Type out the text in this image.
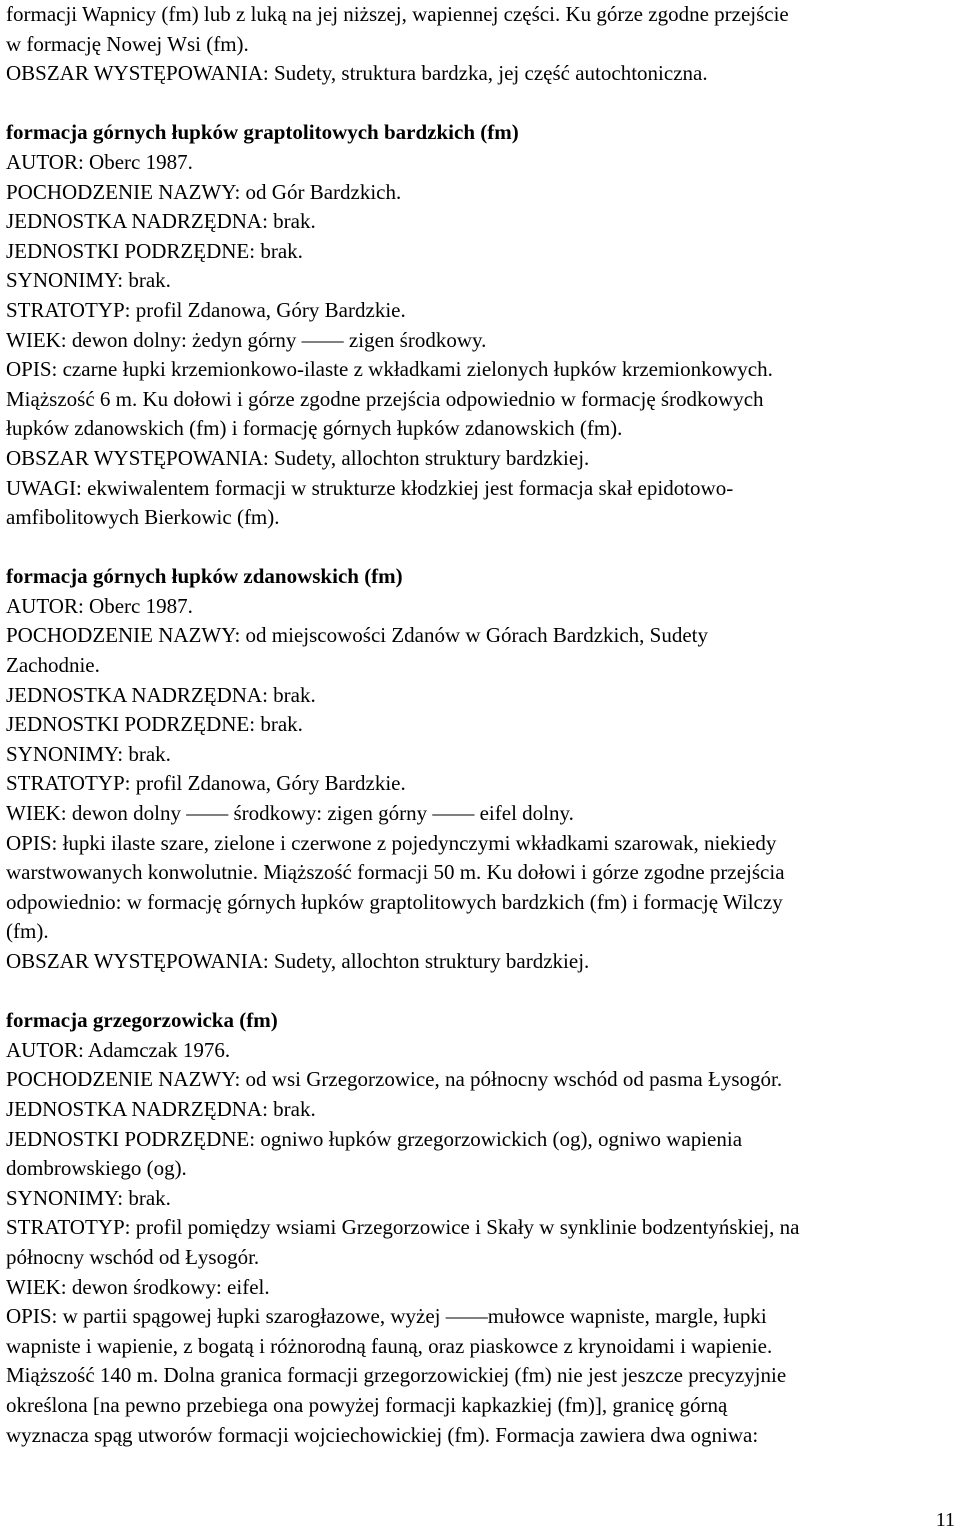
formacji Wapnicy (fm) lub z luką na jej niższej, wapiennej części. Ku górze zgodne przejście
w formację Nowej Wsi (fm).
OBSZAR WYSTĘPOWANIA: Sudety, struktura bardzka, jej część autochtoniczna.
formacja górnych łupków graptolitowych bardzkich (fm)
AUTOR: Oberc 1987.
POCHODZENIE NAZWY: od Gór Bardzkich.
JEDNOSTKA NADRZĘDNA: brak.
JEDNOSTKI PODRZĘDNE: brak.
SYNONIMY: brak.
STRATOTYP: profil Zdanowa, Góry Bardzkie.
WIEK: dewon dolny: żedyn górny —— zigen środkowy.
OPIS: czarne łupki krzemionkowo-ilaste z wkładkami zielonych łupków krzemionkowych.
Miąższość 6 m. Ku dołowi i górze zgodne przejścia odpowiednio w formację środkowych
łupków zdanowskich (fm) i formację górnych łupków zdanowskich (fm).
OBSZAR WYSTĘPOWANIA: Sudety, allochton struktury bardzkiej.
UWAGI: ekwiwalentem formacji w strukturze kłodzkiej jest formacja skał epidotowo-
amfibolitowych Bierkowic (fm).
formacja górnych łupków zdanowskich (fm)
AUTOR: Oberc 1987.
POCHODZENIE NAZWY: od miejscowości Zdanów w Górach Bardzkich, Sudety
Zachodnie.
JEDNOSTKA NADRZĘDNA: brak.
JEDNOSTKI PODRZĘDNE: brak.
SYNONIMY: brak.
STRATOTYP: profil Zdanowa, Góry Bardzkie.
WIEK: dewon dolny —— środkowy: zigen górny —— eifel dolny.
OPIS: łupki ilaste szare, zielone i czerwone z pojedynczymi wkładkami szarowak, niekiedy
warstwowanych konwolutnie. Miąższość formacji 50 m. Ku dołowi i górze zgodne przejścia
odpowiednio: w formację górnych łupków graptolitowych bardzkich (fm) i formację Wilczy
(fm).
OBSZAR WYSTĘPOWANIA: Sudety, allochton struktury bardzkiej.
formacja grzegorzowicka (fm)
AUTOR: Adamczak 1976.
POCHODZENIE NAZWY: od wsi Grzegorzowice, na północny wschód od pasma Łysogór.
JEDNOSTKA NADRZĘDNA: brak.
JEDNOSTKI PODRZĘDNE: ogniwo łupków grzegorzowickich (og), ogniwo wapienia
dombrowskiego (og).
SYNONIMY: brak.
STRATOTYP: profil pomiędzy wsiami Grzegorzowice i Skały w synklinie bodzentyńskiej, na
północny wschód od Łysogór.
WIEK: dewon środkowy: eifel.
OPIS: w partii spągowej łupki szarogłazowe, wyżej ——mułowce wapniste, margle, łupki
wapniste i wapienie, z bogatą i różnorodną fauną, oraz piaskowce z krynoidami i wapienie.
Miąższość 140 m. Dolna granica formacji grzegorzowickiej (fm) nie jest jeszcze precyzyjnie
określona [na pewno przebiega ona powyżej formacji kapkazkiej (fm)], granicę górną
wyznacza spąg utworów formacji wojciechowickiej (fm). Formacja zawiera dwa ogniwa:
11
